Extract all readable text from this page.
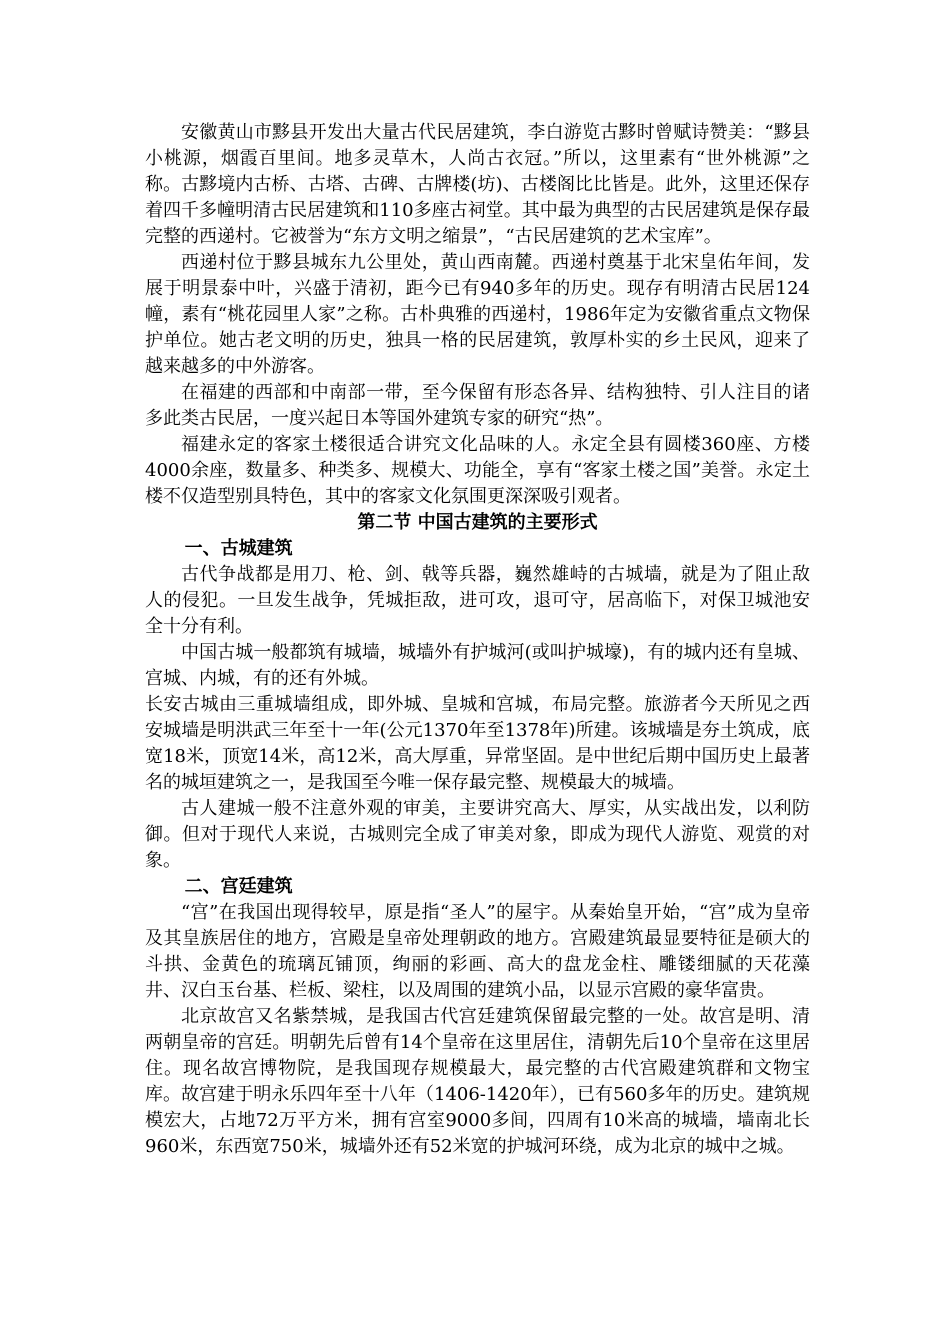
安徽黄山市黟县开发出大量古代民居建筑，李白游览古黟时曾赋诗赞美：“黟县小桃源，烟霞百里间。地多灵草木，人尚古衣冠。”所以，这里素有“世外桃源”之称。古黟境内古桥、古塔、古碑、古牌楼(坊)、古楼阁比比皆是。此外，这里还保存着四千多幢明清古民居建筑和110多座古祠堂。其中最为典型的古民居建筑是保存最完整的西递村。它被誉为“东方文明之缩景”，“古民居建筑的艺术宝库”。

西递村位于黟县城东九公里处，黄山西南麓。西递村奠基于北宋皇佑年间，发展于明景泰中叶，兴盛于清初，距今已有940多年的历史。现存有明清古民居124幢，素有“桃花园里人家”之称。古朴典雅的西递村，1986年定为安徽省重点文物保护单位。她古老文明的历史，独具一格的民居建筑，敦厚朴实的乡土民风，迎来了越来越多的中外游客。

在福建的西部和中南部一带，至今保留有形态各异、结构独特、引人注目的诸多此类古民居，一度兴起日本等国外建筑专家的研究“热”。

福建永定的客家土楼很适合讲究文化品味的人。永定全县有圆楼360座、方楼4000余座，数量多、种类多、规模大、功能全，享有“客家土楼之国”美誉。永定土楼不仅造型别具特色，其中的客家文化氛围更深深吸引观者。

第二节 中国古建筑的主要形式
一、古城建筑

古代争战都是用刀、枪、剑、戟等兵器，巍然雄峙的古城墙，就是为了阻止敌人的侵犯。一旦发生战争，凭城拒敌，进可攻，退可守，居高临下，对保卫城池安全十分有利。

中国古城一般都筑有城墙，城墙外有护城河(或叫护城壕)，有的城内还有皇城、宫城、内城，有的还有外城。

长安古城由三重城墙组成，即外城、皇城和宫城，布局完整。旅游者今天所见之西安城墙是明洪武三年至十一年(公元1370年至1378年)所建。该城墙是夯土筑成，底宽18米，顶宽14米，高12米，高大厚重，异常坚固。是中世纪后期中国历史上最著名的城垣建筑之一，是我国至今唯一保存最完整、规模最大的城墙。

古人建城一般不注意外观的审美，主要讲究高大、厚实，从实战出发，以利防御。但对于现代人来说，古城则完全成了审美对象，即成为现代人游览、观赏的对象。

二、宫廷建筑

“宫”在我国出现得较早，原是指“圣人”的屋宇。从秦始皇开始，“宫”成为皇帝及其皇族居住的地方，宫殿是皇帝处理朝政的地方。宫殿建筑最显要特征是硕大的斗拱、金黄色的琉璃瓦铺顶，绚丽的彩画、高大的盘龙金柱、雕镂细腻的天花藻井、汉白玉台基、栏板、梁柱，以及周围的建筑小品，以显示宫殿的豪华富贵。

北京故宫又名紫禁城，是我国古代宫廷建筑保留最完整的一处。故宫是明、清两朝皇帝的宫廷。明朝先后曾有14个皇帝在这里居住，清朝先后10个皇帝在这里居住。现名故宫博物院，是我国现存规模最大，最完整的古代宫殿建筑群和文物宝库。故宫建于明永乐四年至十八年（1406-1420年），已有560多年的历史。建筑规模宏大，占地72万平方米，拥有宫室9000多间，四周有10米高的城墙，墙南北长960米，东西宽750米，城墙外还有52米宽的护城河环绕，成为北京的城中之城。
